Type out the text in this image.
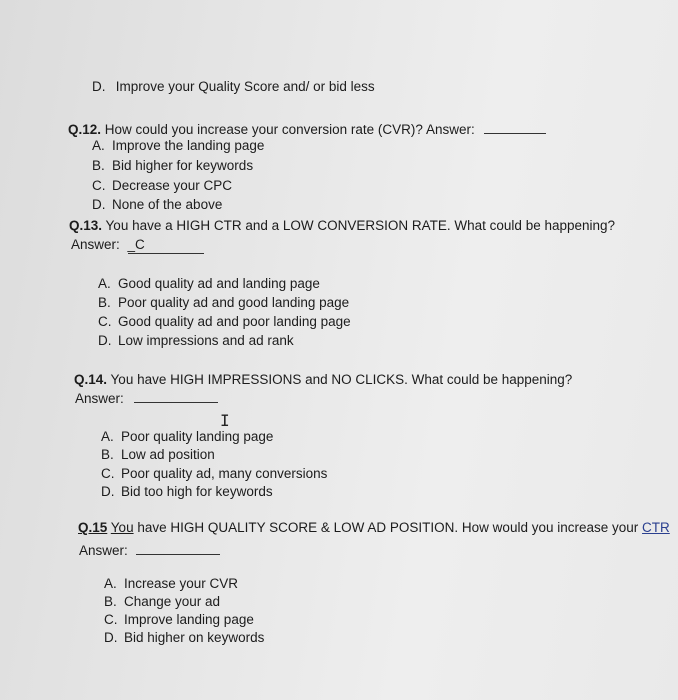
D. Improve your Quality Score and/ or bid less
Q.12. How could you increase your conversion rate (CVR)? Answer:
A. Improve the landing page
B. Bid higher for keywords
C. Decrease your CPC
D. None of the above
Q.13. You have a HIGH CTR and a LOW CONVERSION RATE. What could be happening?
Answer: _C
A. Good quality ad and landing page
B. Poor quality ad and good landing page
C. Good quality ad and poor landing page
D. Low impressions and ad rank
Q.14. You have HIGH IMPRESSIONS and NO CLICKS. What could be happening?
Answer:
A. Poor quality landing page
B. Low ad position
C. Poor quality ad, many conversions
D. Bid too high for keywords
I
Q.15 You have HIGH QUALITY SCORE & LOW AD POSITION. How would you increase your CTR
Answer:
A. Increase your CVR
B. Change your ad
C. Improve landing page
D. Bid higher on keywords
